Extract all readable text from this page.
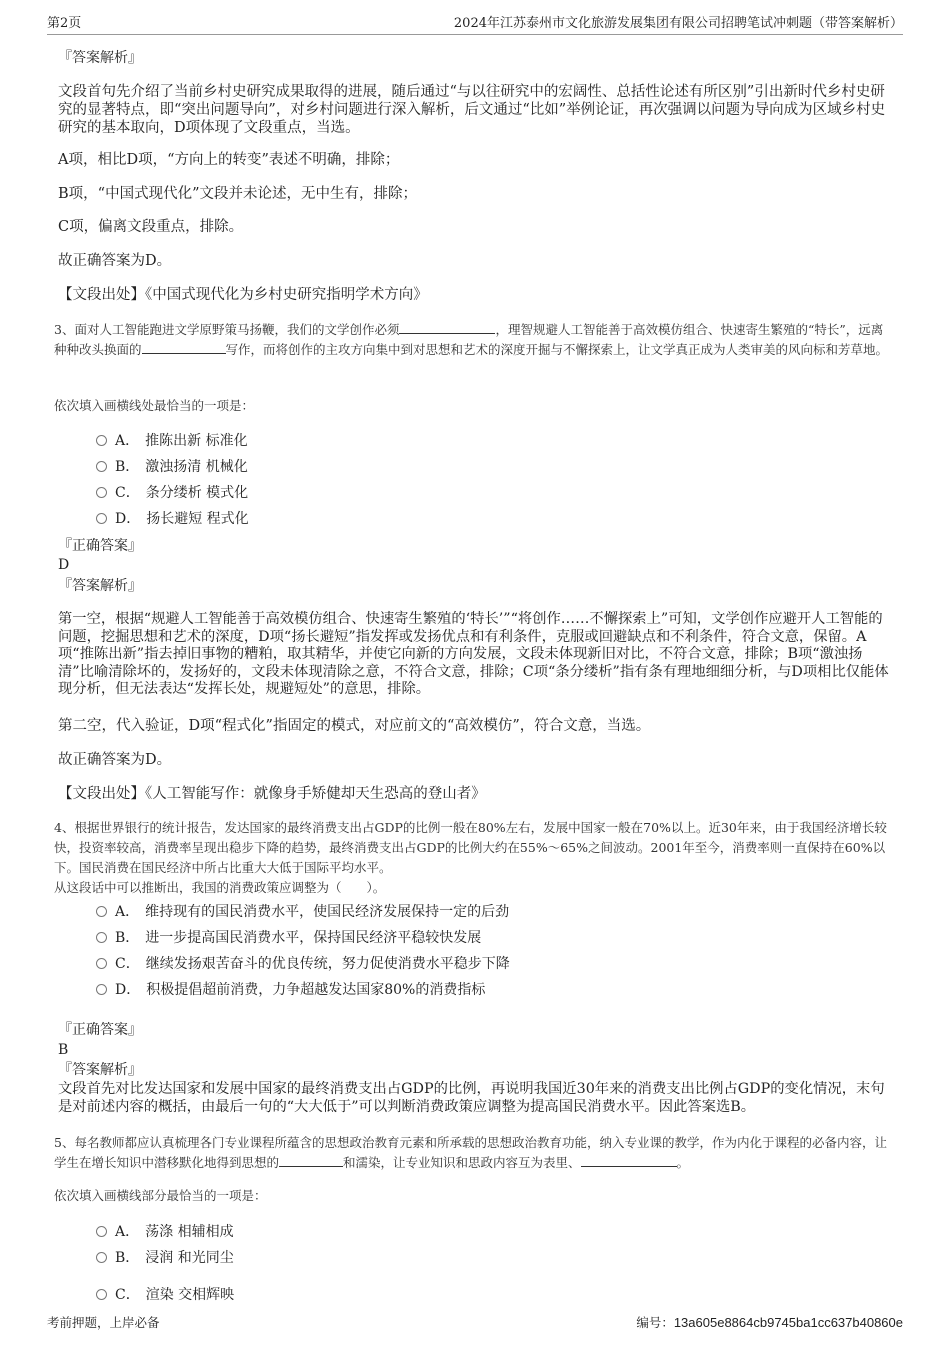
第2页	2024年江苏泰州市文化旅游发展集团有限公司招聘笔试冲刺题（带答案解析）
『答案解析』
文段首句先介绍了当前乡村史研究成果取得的进展，随后通过“与以往研究中的宏阔性、总括性论述有所区别”引出新时代乡村史研究的显著特点，即“突出问题导向”，对乡村问题进行深入解析，后文通过“比如”举例论证，再次强调以问题为导向成为区域乡村史研究的基本取向，D项体现了文段重点，当选。
A项，相比D项，“方向上的转变”表述不明确，排除；
B项，“中国式现代化”文段并未论述，无中生有，排除；
C项，偏离文段重点，排除。
故正确答案为D。
【文段出处】《中国式现代化为乡村史研究指明学术方向》
3、面对人工智能跑进文学原野策马扬鞭，我们的文学创作必须	，理智规避人工智能善于高效模仿组合、快速寄生繁殖的“特长”，远离种种改头换面的	写作，而将创作的主攻方向集中到对思想和艺术的深度开掘与不懈探索上，让文学真正成为人类审美的风向标和芳草地。
依次填入画横线处最恰当的一项是：
A． 推陈出新 标准化
B． 激浊扬清 机械化
C． 条分缕析 模式化
D． 扬长避短 程式化
『正确答案』
D
『答案解析』
第一空，根据“规避人工智能善于高效模仿组合、快速寄生繁殖的‘特长’”“将创作……不懈探索上”可知，文学创作应避开人工智能的问题，挖掘思想和艺术的深度，D项“扬长避短”指发挥或发扬优点和有利条件，克服或回避缺点和不利条件，符合文意，保留。A项“推陈出新”指去掉旧事物的糟粕，取其精华，并使它向新的方向发展，文段未体现新旧对比，不符合文意，排除；B项“激浊扬清”比喻清除坏的，发扬好的，文段未体现清除之意，不符合文意，排除；C项“条分缕析”指有条有理地细细分析，与D项相比仅能体现分析，但无法表达“发挥长处，规避短处”的意思，排除。
第二空，代入验证，D项“程式化”指固定的模式，对应前文的“高效模仿”，符合文意，当选。
故正确答案为D。
【文段出处】《人工智能写作：就像身手矫健却天生恐高的登山者》
4、根据世界银行的统计报告，发达国家的最终消费支出占GDP的比例一般在80%左右，发展中国家一般在70%以上。近30年来，由于我国经济增长较快，投资率较高，消费率呈现出稳步下降的趋势，最终消费支出占GDP的比例大约在55%～65%之间波动。2001年至今，消费率则一直保持在60%以下。国民消费在国民经济中所占比重大大低于国际平均水平。
从这段话中可以推断出，我国的消费政策应调整为（　　）。
A． 维持现有的国民消费水平，使国民经济发展保持一定的后劲
B． 进一步提高国民消费水平，保持国民经济平稳较快发展
C． 继续发扬艰苦奋斗的优良传统，努力促使消费水平稳步下降
D． 积极提倡超前消费，力争超越发达国家80%的消费指标
『正确答案』
B
『答案解析』
文段首先对比发达国家和发展中国家的最终消费支出占GDP的比例，再说明我国近30年来的消费支出比例占GDP的变化情况，末句是对前述内容的概括，由最后一句的“大大低于”可以判断消费政策应调整为提高国民消费水平。因此答案选B。
5、每名教师都应认真梳理各门专业课程所蕴含的思想政治教育元素和所承载的思想政治教育功能，纳入专业课的教学，作为内化于课程的必备内容，让学生在增长知识中潜移默化地得到思想的	和濡染，让专业知识和思政内容互为表里、	。
依次填入画横线部分最恰当的一项是：
A． 荡涤 相辅相成
B． 浸润 和光同尘
C． 渲染 交相辉映
考前押题，上岸必备	编号：13a605e8864cb9745ba1cc637b40860e
